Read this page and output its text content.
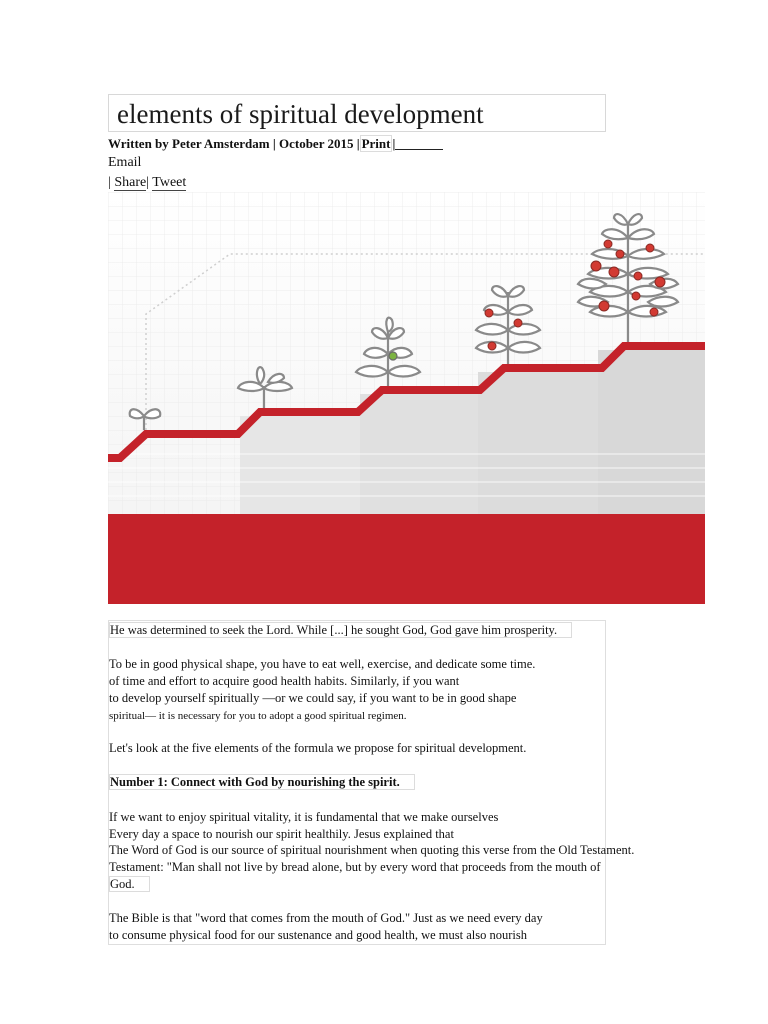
elements of spiritual development
Written by Peter Amsterdam | October 2015 | Print |
Email
| Share| Tweet
He was determined to seek the Lord. While [...] he sought God, God gave him prosperity.
To be in good physical shape, you have to eat well, exercise, and dedicate some time.
of time and effort to acquire good health habits. Similarly, if you want
to develop yourself spiritually —or we could say, if you want to be in good shape
spiritual— it is necessary for you to adopt a good spiritual regimen.
Let's look at the five elements of the formula we propose for spiritual development.
Number 1: Connect with God by nourishing the spirit.
If we want to enjoy spiritual vitality, it is fundamental that we make ourselves
Every day a space to nourish our spirit healthily. Jesus explained that
The Word of God is our source of spiritual nourishment when quoting this verse from the Old Testament.
Testament: "Man shall not live by bread alone, but by every word that proceeds from the mouth of
God.
The Bible is that "word that comes from the mouth of God." Just as we need every day
to consume physical food for our sustenance and good health, we must also nourish
